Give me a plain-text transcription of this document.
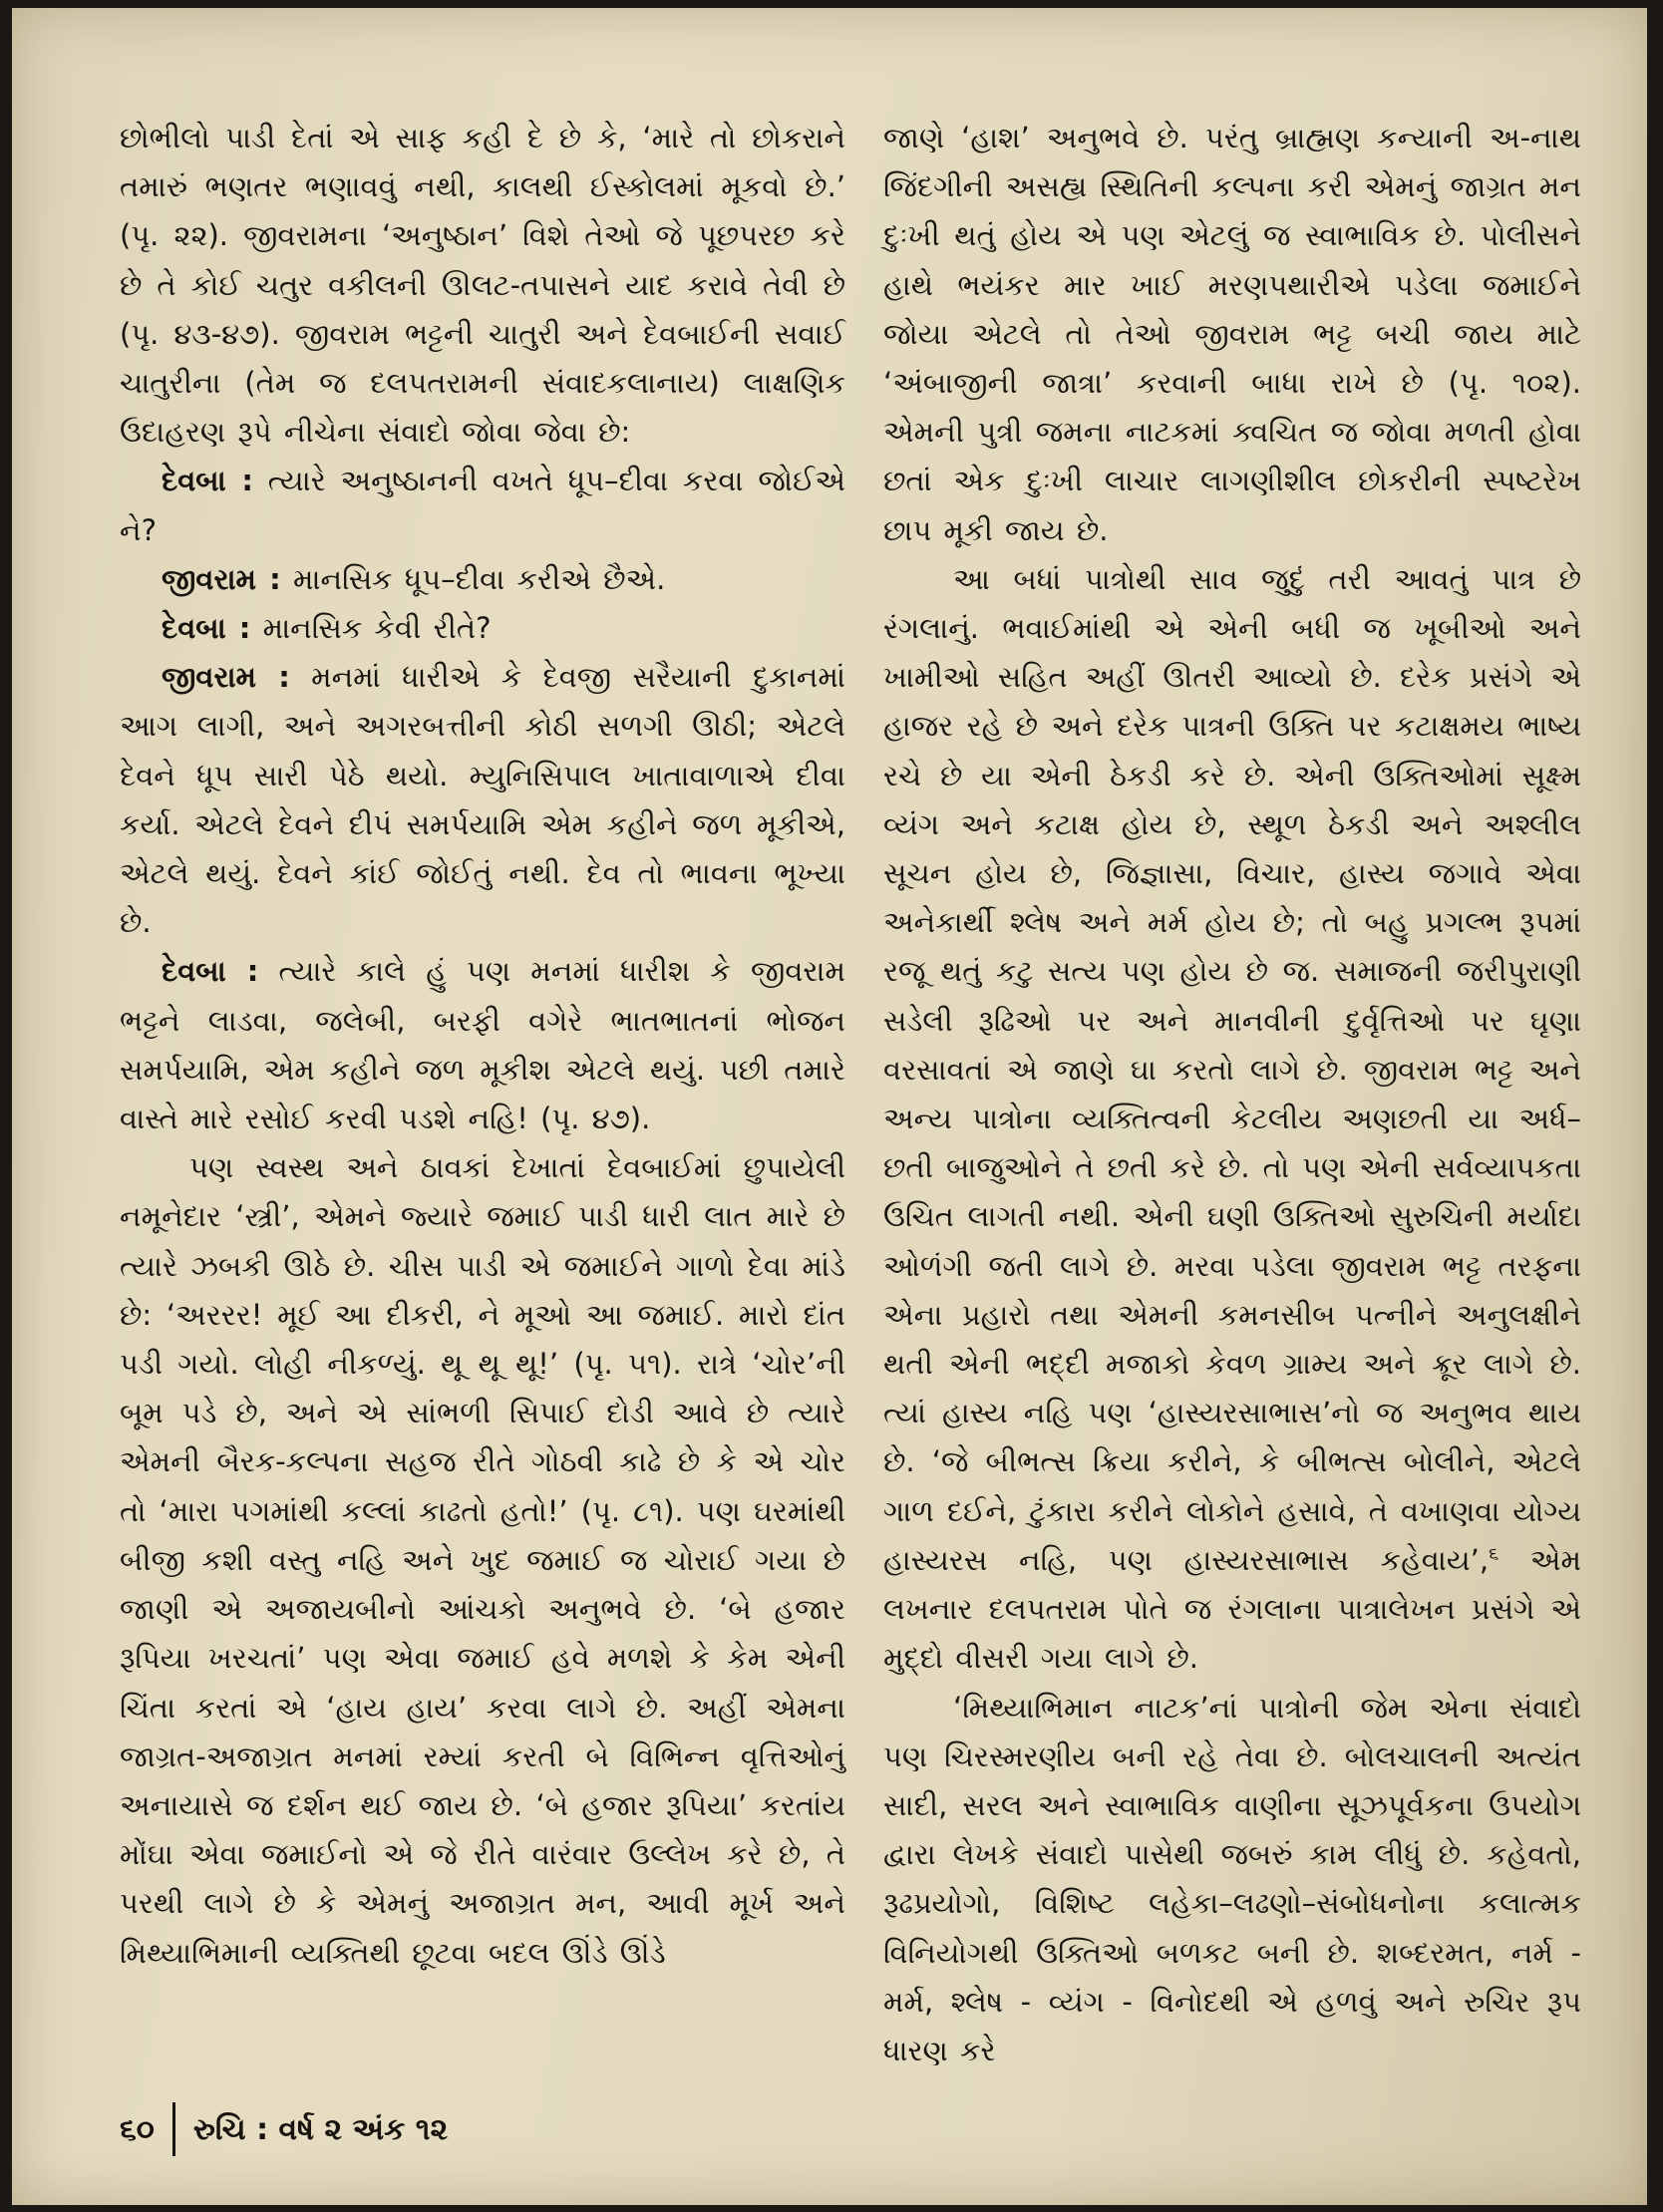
છોભીલો પાડી દેતાં એ સાફ કહી દે છે કે, ‘મારે તો છોકરાને તમારું ભણતર ભણાવવું નથી, કાલથી ઈસ્કોલમાં મૂકવો છે.’ (પૃ. ૨૨). જીવરામના ‘અનુષ્ઠાન’ વિશે તેઓ જે પૂછપરછ કરે છે તે કોઈ ચતુર વકીલની ઊલટ-તપાસને યાદ કરાવે તેવી છે (પૃ. ૪૩-૪૭). જીવરામ ભટ્ટની ચાતુરી અને દેવબાઈની સવાઈ ચાતુરીના (તેમ જ દલપતરામની સંવાદકલાનાય) લાક્ષણિક ઉદાહરણ રૂપે નીચેના સંવાદો જોવા જેવા છે:

દેવબા : ત્યારે અનુષ્ઠાનની વખતે ધૂપ–દીવા કરવા જોઈએ ને?

જીવરામ : માનસિક ધૂપ–દીવા કરીએ છૈએ.

દેવબા : માનસિક કેવી રીતે?

જીવરામ : મનમાં ધારીએ કે દેવજી સરૈયાની દુકાનમાં આગ લાગી, અને અગરબત્તીની કોઠી સળગી ઊઠી; એટલે દેવને ધૂપ સારી પેઠે થયો. મ્યુનિસિપાલ ખાતાવાળાએ દીવા કર્યા. એટલે દેવને દીપં સમર્પયામિ એમ કહીને જળ મૂકીએ, એટલે થયું. દેવને કાંઈ જોઈતું નથી. દેવ તો ભાવના ભૂખ્યા છે.

દેવબા : ત્યારે કાલે હું પણ મનમાં ધારીશ કે જીવરામ ભટ્ટને લાડવા, જલેબી, બરફી વગેરે ભાતભાતનાં ભોજન સમર્પયામિ, એમ કહીને જળ મૂકીશ એટલે થયું. પછી તમારે વાસ્તે મારે રસોઈ કરવી પડશે નહિ! (પૃ. ૪૭).

પણ સ્વસ્થ અને ઠાવકાં દેખાતાં દેવબાઈમાં છુપાયેલી નમૂનેદાર ‘સ્ત્રી’, એમને જ્યારે જમાઈ પાડી ધારી લાત મારે છે ત્યારે ઝબકી ઊઠે છે. ચીસ પાડી એ જમાઈને ગાળો દેવા માંડે છે: ‘અરરર! મૂઈ આ દીકરી, ને મૂઓ આ જમાઈ. મારો દાંત પડી ગયો. લોહી નીકળ્યું. થૂ થૂ થૂ!’ (પૃ. ૫૧). રાત્રે ‘ચોર’ની બૂમ પડે છે, અને એ સાંભળી સિપાઈ દોડી આવે છે ત્યારે એમની બૈરક-કલ્પના સહજ રીતે ગોઠવી કાઢે છે કે એ ચોર તો ‘મારા પગમાંથી કલ્લાં કાઢતો હતો!’ (પૃ. ૮૧). પણ ઘરમાંથી બીજી કશી વસ્તુ નહિ અને ખુદ જમાઈ જ ચોરાઈ ગયા છે જાણી એ અજાયબીનો આંચકો અનુભવે છે. ‘બે હજાર રૂપિયા ખરચતાં’ પણ એવા જમાઈ હવે મળશે કે કેમ એની ચિંતા કરતાં એ ‘હાય હાય’ કરવા લાગે છે. અહીં એમના જાગ્રત-અજાગ્રત મનમાં રમ્યાં કરતી બે વિભિન્ન વૃત્તિઓનું અનાયાસે જ દર્શન થઈ જાય છે. ‘બે હજાર રૂપિયા’ કરતાંય મોંઘા એવા જમાઈનો એ જે રીતે વારંવાર ઉલ્લેખ કરે છે, તે પરથી લાગે છે કે એમનું અજાગ્રત મન, આવી મૂર્ખ અને મિથ્યાભિમાની વ્યક્તિથી છૂટવા બદલ ઊંડે ઊંડે

જાણે ‘હાશ’ અનુભવે છે. પરંતુ બ્રાહ્મણ કન્યાની અ-નાથ જિંદગીની અસહ્ય સ્થિતિની કલ્પના કરી એમનું જાગ્રત મન દુઃખી થતું હોય એ પણ એટલું જ સ્વાભાવિક છે. પોલીસને હાથે ભયંકર માર ખાઈ મરણપથારીએ પડેલા જમાઈને જોયા એટલે તો તેઓ જીવરામ ભટ્ટ બચી જાય માટે ‘અંબાજીની જાત્રા’ કરવાની બાધા રાખે છે (પૃ. ૧૦૨). એમની પુત્રી જમના નાટકમાં ક્વચિત જ જોવા મળતી હોવા છતાં એક દુઃખી લાચાર લાગણીશીલ છોકરીની સ્પષ્ટરેખ છાપ મૂકી જાય છે.

આ બધાં પાત્રોથી સાવ જુદું તરી આવતું પાત્ર છે રંગલાનું. ભવાઈમાંથી એ એની બધી જ ખૂબીઓ અને ખામીઓ સહિત અહીં ઊતરી આવ્યો છે. દરેક પ્રસંગે એ હાજર રહે છે અને દરેક પાત્રની ઉક્તિ પર કટાક્ષમય ભાષ્ય રચે છે યા એની ઠેકડી કરે છે. એની ઉક્તિઓમાં સૂક્ષ્મ વ્યંગ અને કટાક્ષ હોય છે, સ્થૂળ ઠેકડી અને અશ્લીલ સૂચન હોય છે, જિજ્ઞાસા, વિચાર, હાસ્ય જગાવે એવા અનેકાર્થી શ્લેષ અને મર્મ હોય છે; તો બહુ પ્રગલ્ભ રૂપમાં રજૂ થતું કટુ સત્ય પણ હોય છે જ. સમાજની જરીપુરાણી સડેલી રૂઢિઓ પર અને માનવીની દુર્વૃત્તિઓ પર ઘૃણા વરસાવતાં એ જાણે ઘા કરતો લાગે છે. જીવરામ ભટ્ટ અને અન્ય પાત્રોના વ્યક્તિત્વની કેટલીય અણછતી યા અર્ધ–છતી બાજુઓને તે છતી કરે છે. તો પણ એની સર્વવ્યાપકતા ઉચિત લાગતી નથી. એની ઘણી ઉક્તિઓ સુરુચિની મર્યાદા ઓળંગી જતી લાગે છે. મરવા પડેલા જીવરામ ભટ્ટ તરફના એના પ્રહારો તથા એમની કમનસીબ પત્નીને અનુલક્ષીને થતી એની ભદ્દી મજાકો કેવળ ગ્રામ્ય અને ક્રૂર લાગે છે. ત્યાં હાસ્ય નહિ પણ ‘હાસ્યરસાભાસ’નો જ અનુભવ થાય છે. ‘જે બીભત્સ ક્રિયા કરીને, કે બીભત્સ બોલીને, એટલે ગાળ દઈને, ટુંકારા કરીને લોકોને હસાવે, તે વખાણવા યોગ્ય હાસ્યરસ નહિ, પણ હાસ્યરસાભાસ કહેવાય’,$^૬$ એમ લખનાર દલપતરામ પોતે જ રંગલાના પાત્રાલેખન પ્રસંગે એ મુદ્દો વીસરી ગયા લાગે છે.

‘મિથ્યાભિમાન નાટક’નાં પાત્રોની જેમ એના સંવાદો પણ ચિરસ્મરણીય બની રહે તેવા છે. બોલચાલની અત્યંત સાદી, સરલ અને સ્વાભાવિક વાણીના સૂઝપૂર્વકના ઉપયોગ દ્વારા લેખકે સંવાદો પાસેથી જબરું કામ લીધું છે. કહેવતો, રૂઢપ્રયોગો, વિશિષ્ટ લહેકા–લઢણો–સંબોધનોના કલાત્મક વિનિયોગથી ઉક્તિઓ બળકટ બની છે. શબ્દરમત, નર્મ - મર્મ, શ્લેષ - વ્યંગ - વિનોદથી એ હળવું અને રુચિર રૂપ ધારણ કરે

૬૦ રુચિ : વર્ષ ૨ અંક ૧૨
